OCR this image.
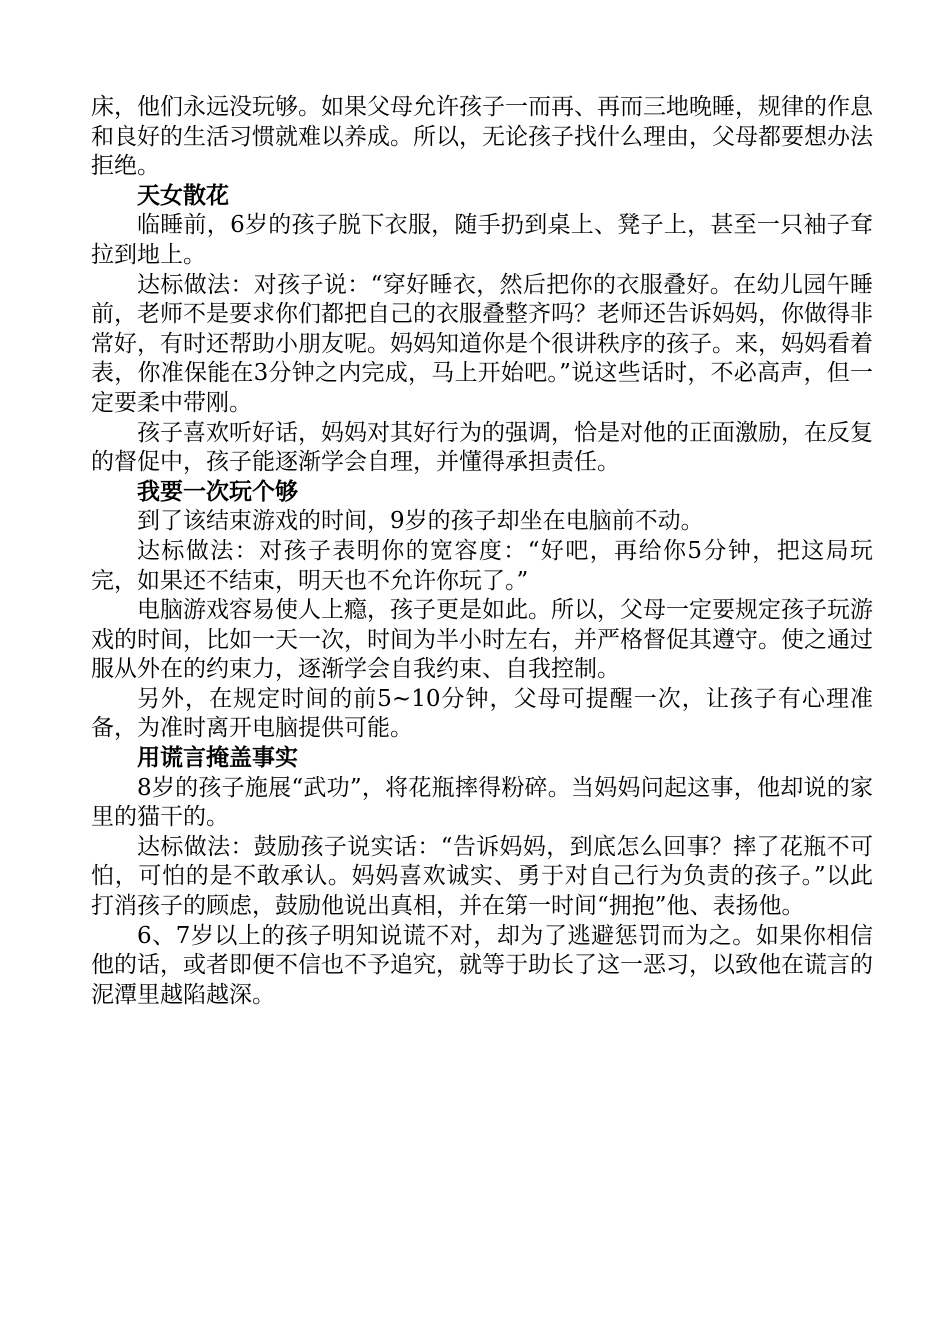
床，他们永远没玩够。如果父母允许孩子一而再、再而三地晚睡，规律的作息和良好的生活习惯就难以养成。所以，无论孩子找什么理由，父母都要想办法拒绝。

天女散花

临睡前，6岁的孩子脱下衣服，随手扔到桌上、凳子上，甚至一只袖子耷拉到地上。

达标做法：对孩子说：“穿好睡衣，然后把你的衣服叠好。在幼儿园午睡前，老师不是要求你们都把自己的衣服叠整齐吗？老师还告诉妈妈，你做得非常好，有时还帮助小朋友呢。妈妈知道你是个很讲秩序的孩子。来，妈妈看着表，你准保能在3分钟之内完成，马上开始吧。”说这些话时，不必高声，但一定要柔中带刚。

孩子喜欢听好话，妈妈对其好行为的强调，恰是对他的正面激励，在反复的督促中，孩子能逐渐学会自理，并懂得承担责任。

我要一次玩个够

到了该结束游戏的时间，9岁的孩子却坐在电脑前不动。

达标做法：对孩子表明你的宽容度：“好吧，再给你5分钟，把这局玩完，如果还不结束，明天也不允许你玩了。”

电脑游戏容易使人上瘾，孩子更是如此。所以，父母一定要规定孩子玩游戏的时间，比如一天一次，时间为半小时左右，并严格督促其遵守。使之通过服从外在的约束力，逐渐学会自我约束、自我控制。

另外，在规定时间的前5~10分钟，父母可提醒一次，让孩子有心理准备，为准时离开电脑提供可能。

用谎言掩盖事实

8岁的孩子施展“武功”，将花瓶摔得粉碎。当妈妈问起这事，他却说的家里的猫干的。

达标做法：鼓励孩子说实话：“告诉妈妈，到底怎么回事？摔了花瓶不可怕，可怕的是不敢承认。妈妈喜欢诚实、勇于对自己行为负责的孩子。”以此打消孩子的顾虑，鼓励他说出真相，并在第一时间“拥抱”他、表扬他。

6、7岁以上的孩子明知说谎不对，却为了逃避惩罚而为之。如果你相信他的话，或者即便不信也不予追究，就等于助长了这一恶习，以致他在谎言的泥潭里越陷越深。
